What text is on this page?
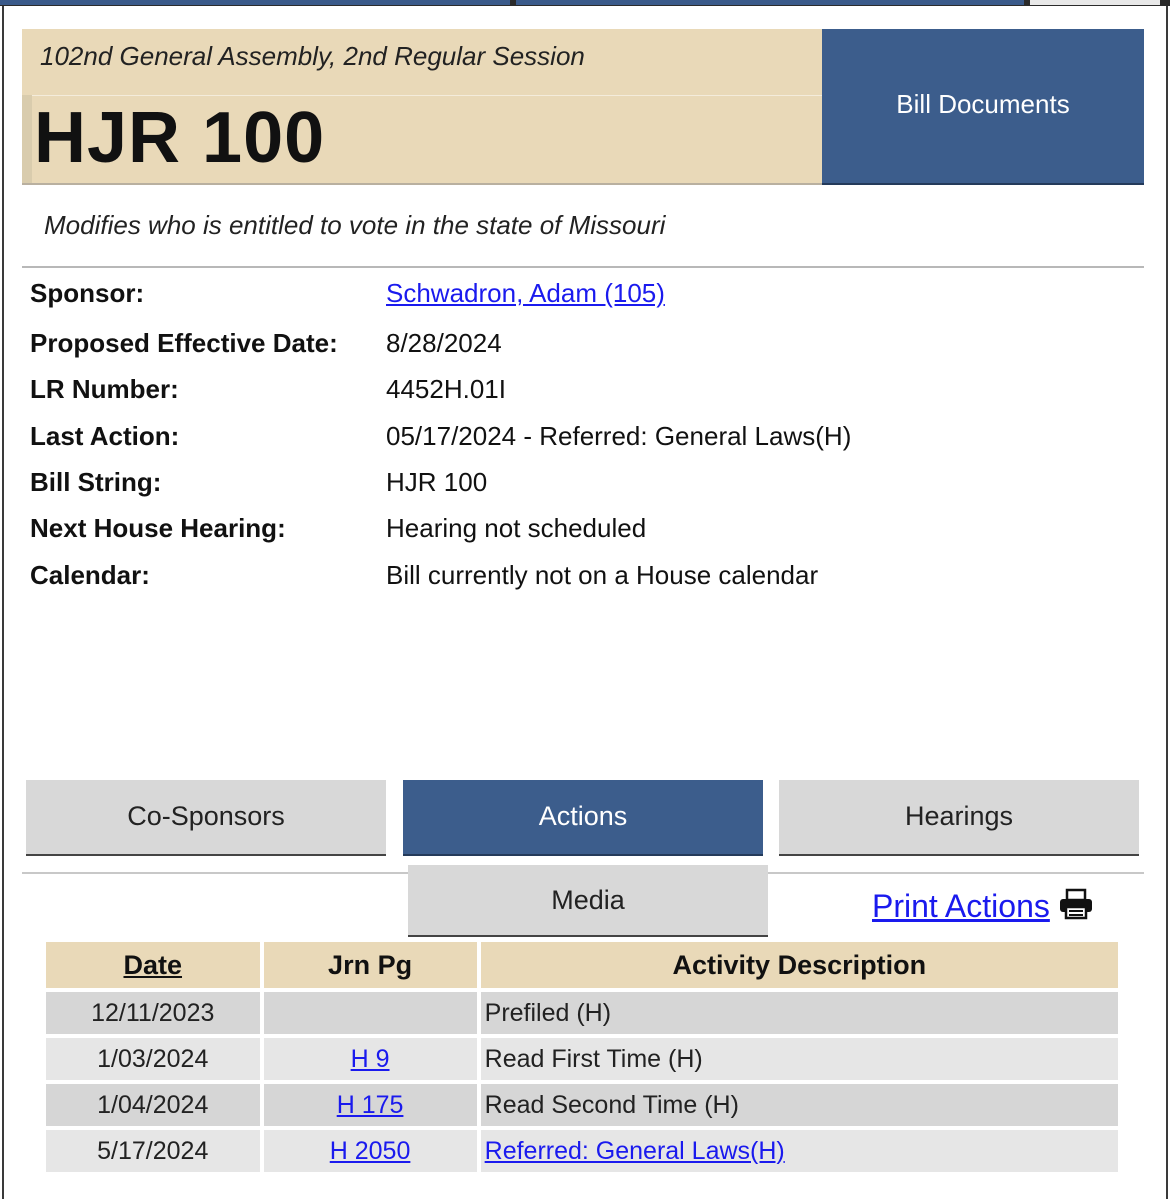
102nd General Assembly, 2nd Regular Session
HJR 100	Bill Documents
Modifies who is entitled to vote in the state of Missouri
Sponsor:	Schwadron, Adam (105)
Proposed Effective Date: 8/28/2024
LR Number:	4452H.01I
Last Action:	05/17/2024 - Referred: General Laws(H)
Bill String:	HJR 100
Next House Hearing:	Hearing not scheduled
Calendar:	Bill currently not on a House calendar
Co-Sponsors	Actions	Hearings
Media	Print Actions
Date	Jrn Pg	Activity Description
12/11/2023		Prefiled (H)
1/03/2024	H 9	Read First Time (H)
1/04/2024	H 175	Read Second Time (H)
5/17/2024	H 2050	Referred: General Laws(H)
